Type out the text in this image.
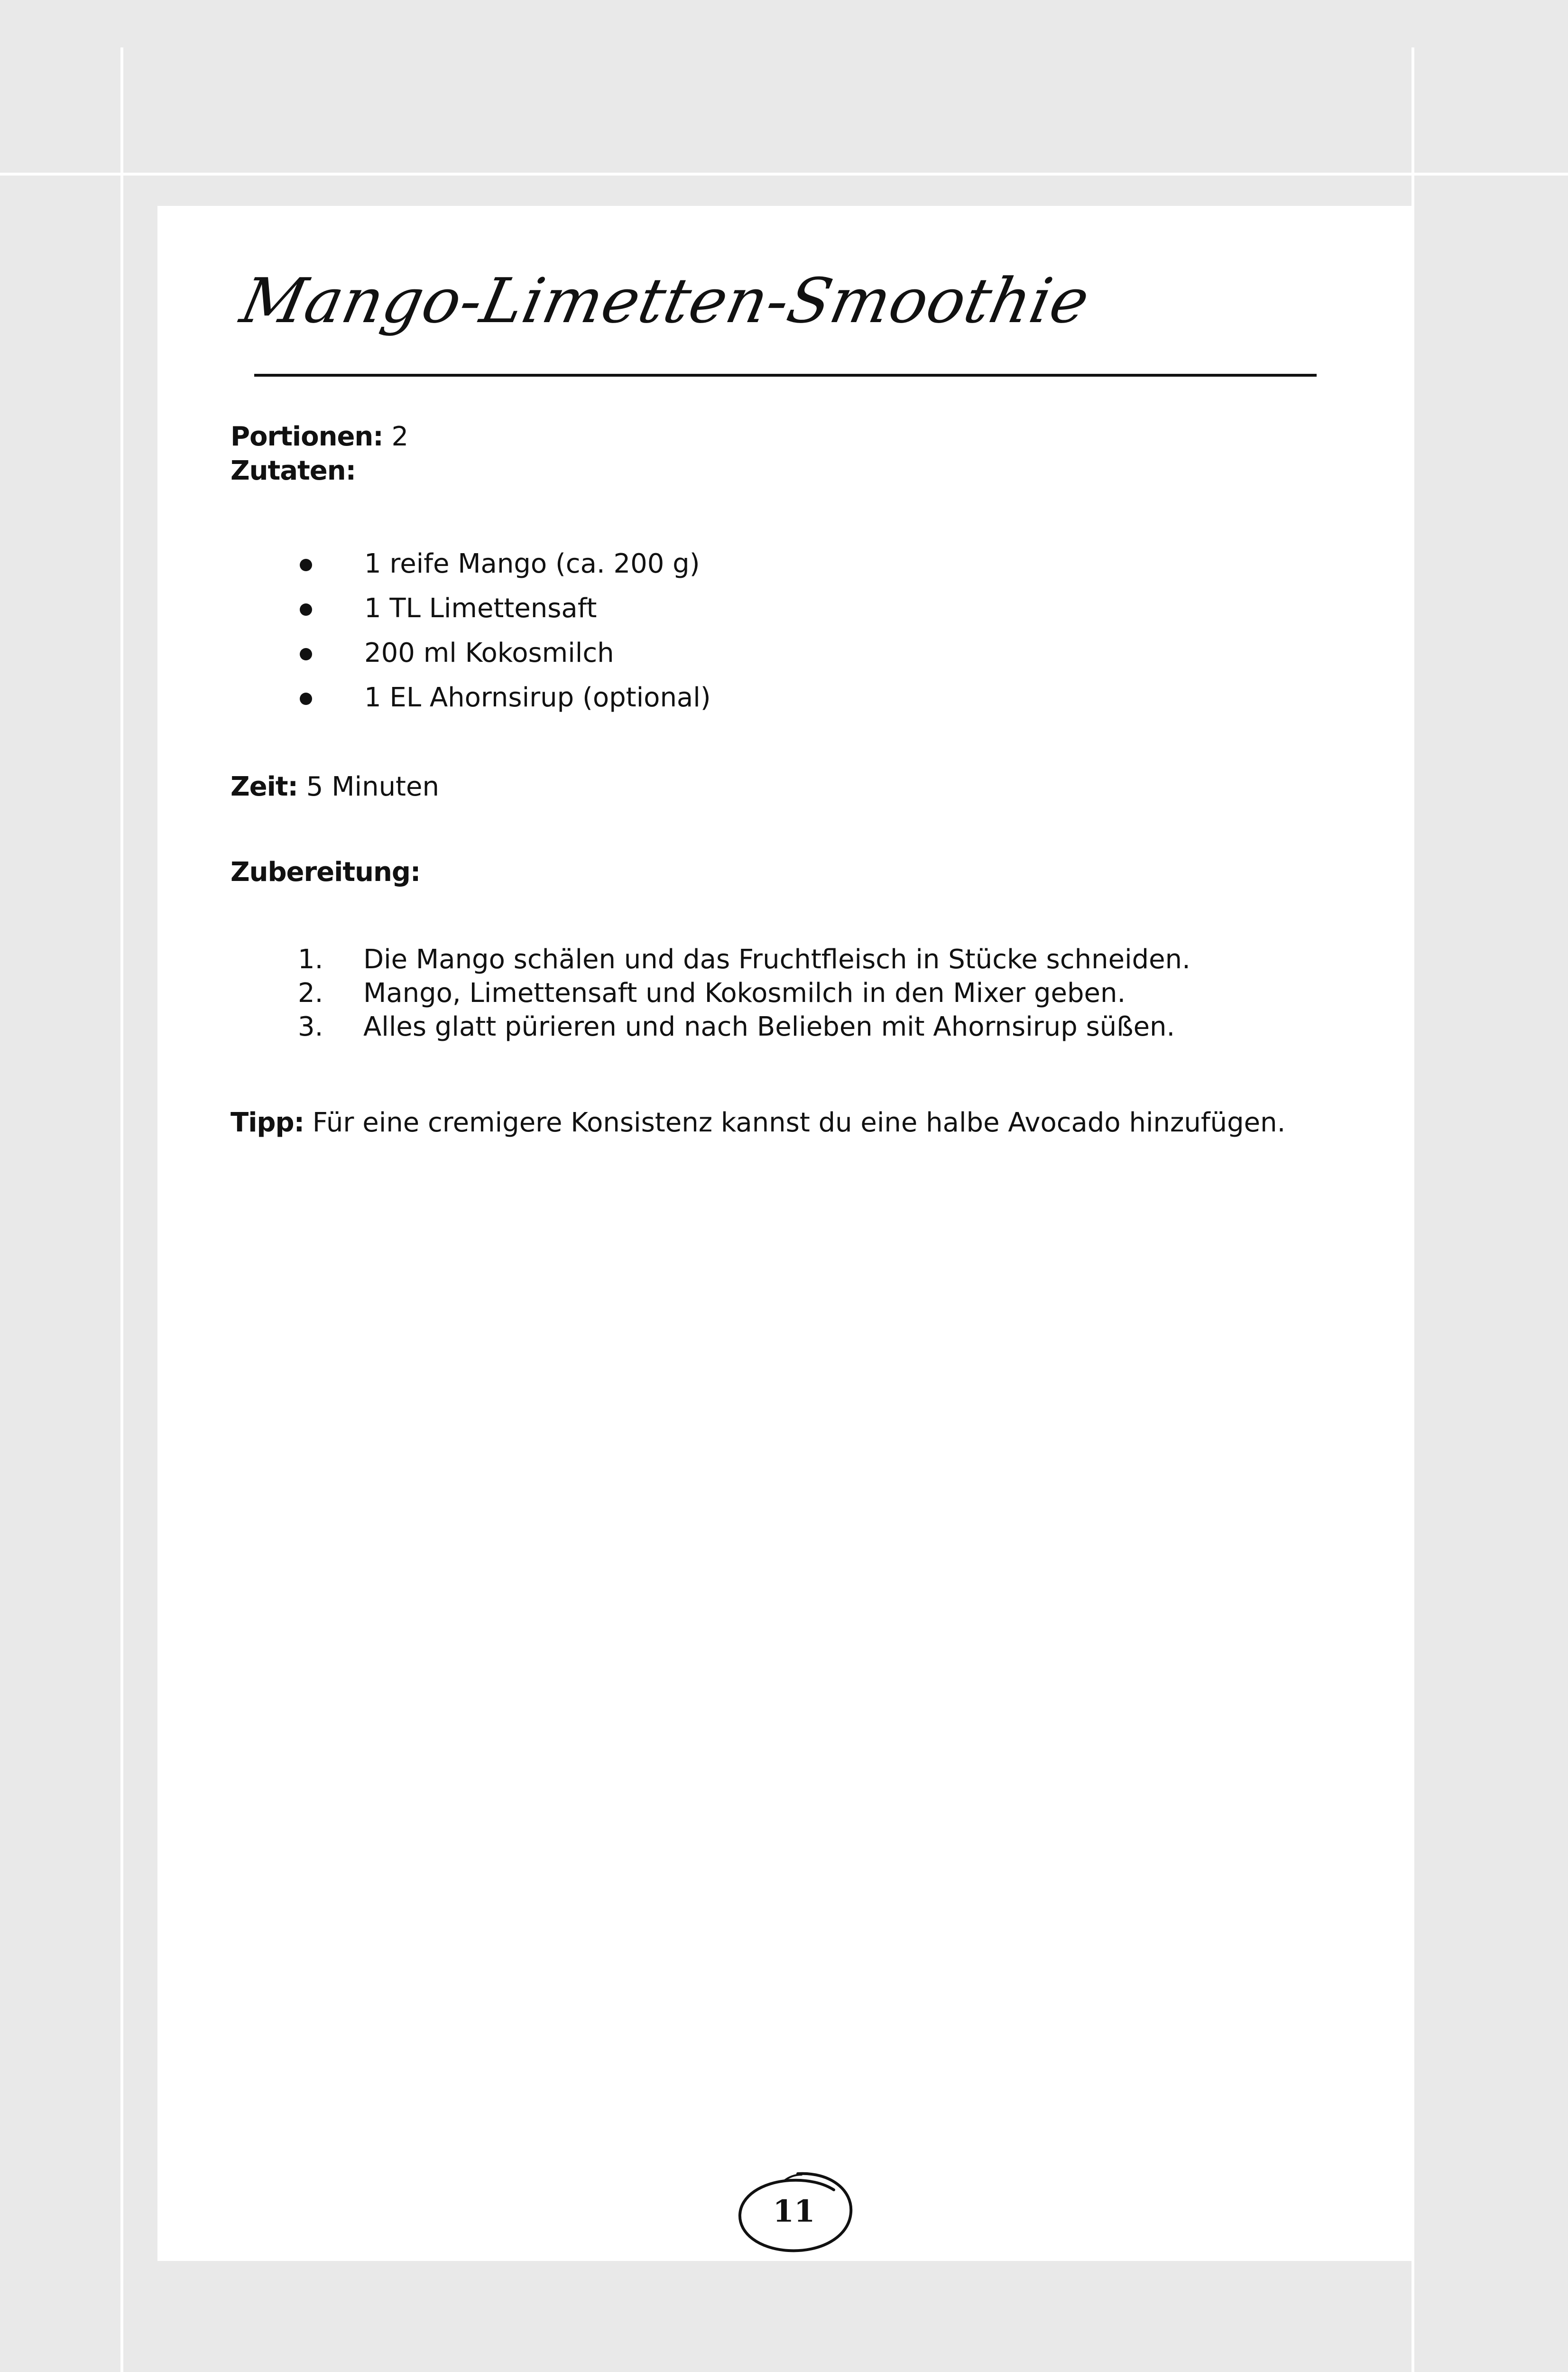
Mango-Limetten-Smoothie
Portionen: 2
Zutaten:
1 reife Mango (ca. 200 g)
1 TL Limettensaft
200 ml Kokosmilch
1 EL Ahornsirup (optional)
Zeit: 5 Minuten
Zubereitung:
1. Die Mango schälen und das Fruchtfleisch in Stücke schneiden.
2. Mango, Limettensaft und Kokosmilch in den Mixer geben.
3. Alles glatt pürieren und nach Belieben mit Ahornsirup süßen.
Tipp: Für eine cremigere Konsistenz kannst du eine halbe Avocado hinzufügen.
11
